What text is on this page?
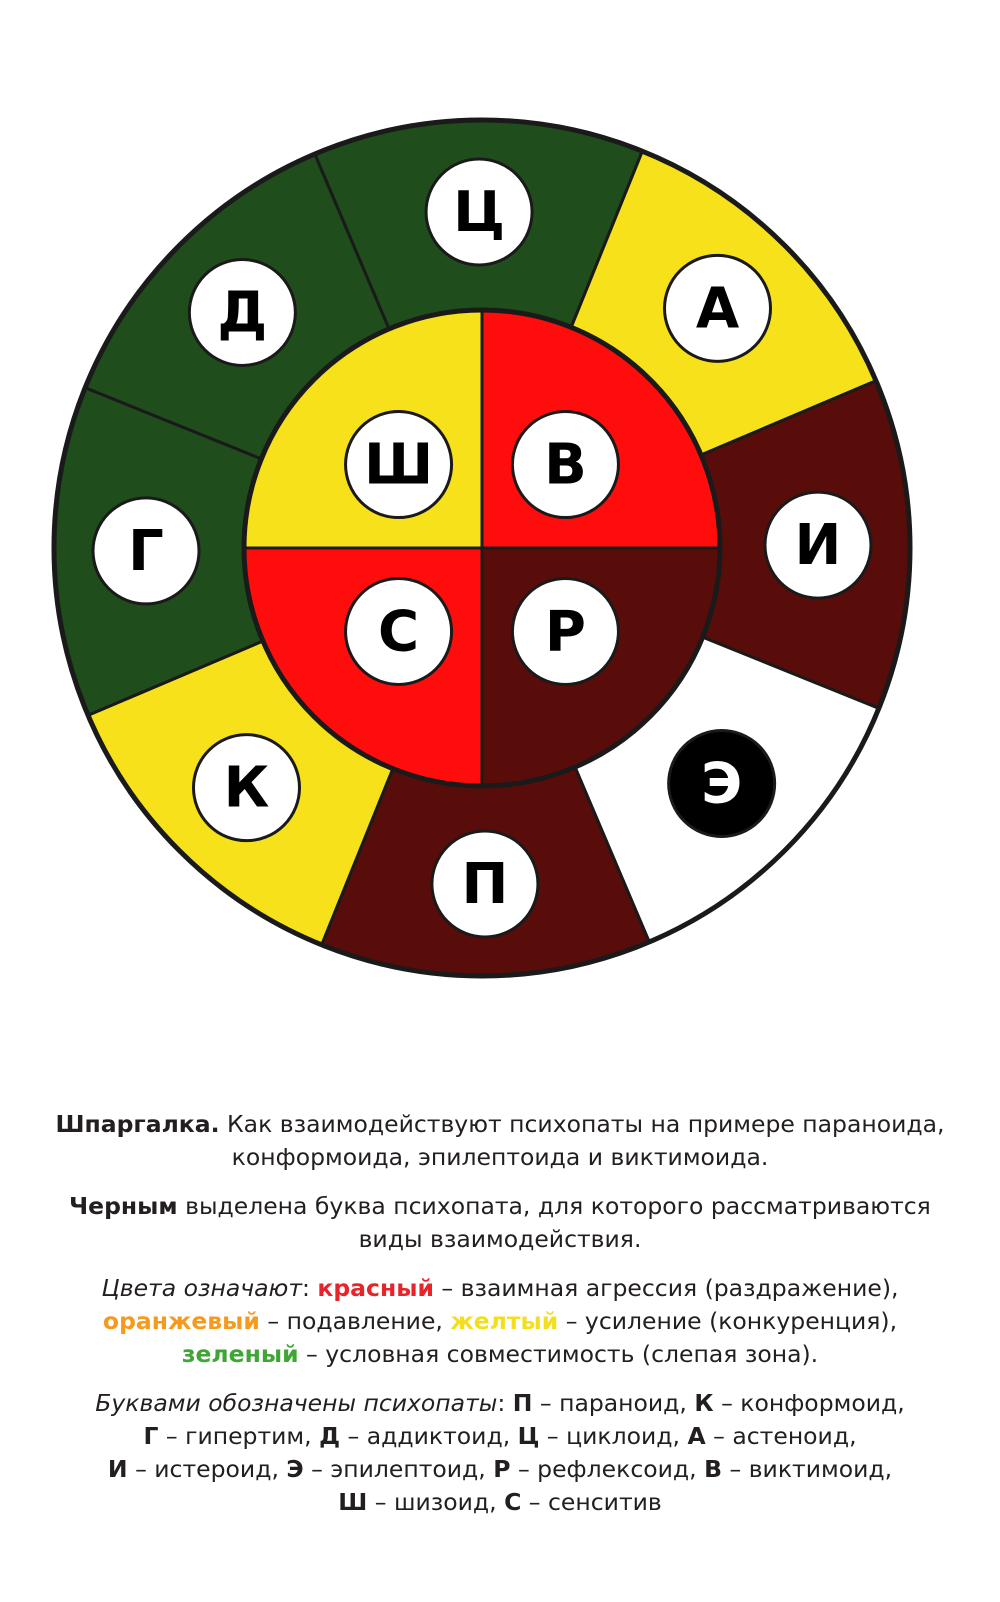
Ц
А
И
Э
П
К
Г
Д
В
Р
С
Ш

Шпаргалка. Как взаимодействуют психопаты на примере параноида, конформоида, эпилептоида и виктимоида.

Черным выделена буква психопата, для которого рассматриваются виды взаимодействия.

Цвета означают: красный – взаимная агрессия (раздражение),
оранжевый – подавление, желтый – усиление (конкуренция),
зеленый – условная совместимость (слепая зона).

Буквами обозначены психопаты: П – параноид, К – конформоид,
Г – гипертим, Д – аддиктоид, Ц – циклоид, А – астеноид,
И – истероид, Э – эпилептоид, Р – рефлексоид, В – виктимоид,
Ш – шизоид, С – сенситив
